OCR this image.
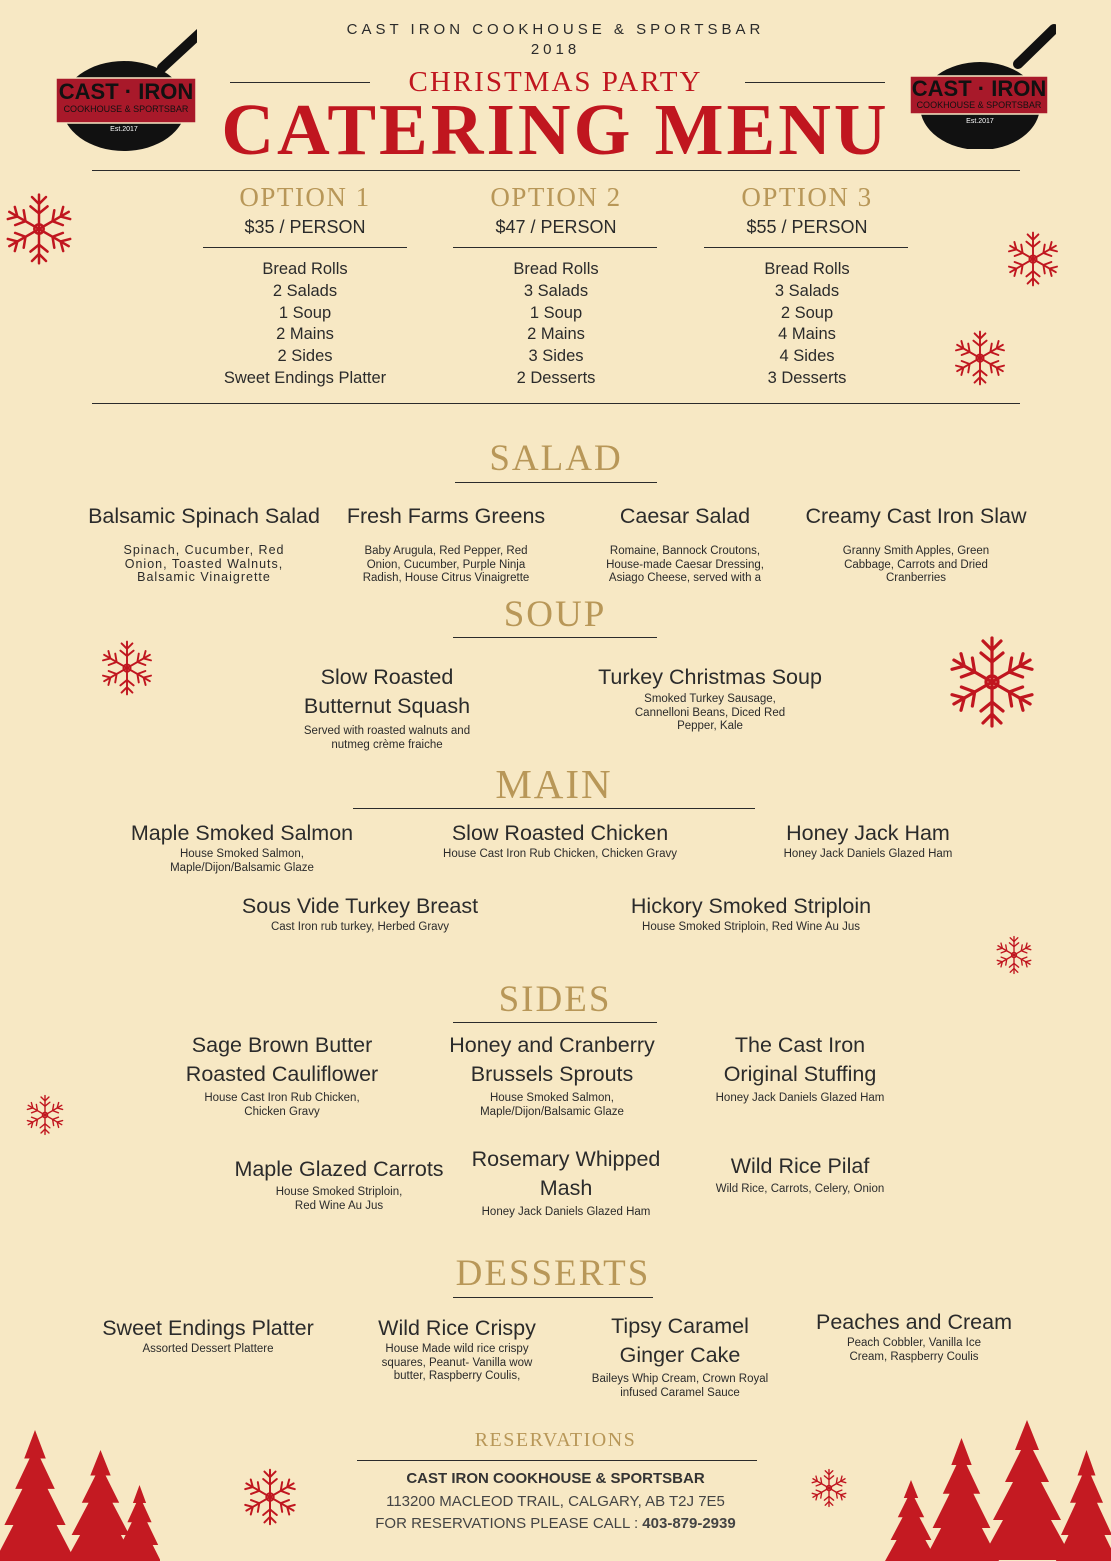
CAST IRON COOKHOUSE & SPORTSBAR
2018
CHRISTMAS PARTY
CATERING MENU
CAST · IRON
COOKHOUSE & SPORTSBAR
Est.2017
CAST · IRON
COOKHOUSE & SPORTSBAR
Est.2017
OPTION 1
$35 / PERSON
OPTION 2
$47 / PERSON
OPTION 3
$55 / PERSON
Bread Rolls
2 Salads
1 Soup
2 Mains
2 Sides
Sweet Endings Platter
Bread Rolls
3 Salads
1 Soup
2 Mains
3 Sides
2 Desserts
Bread Rolls
3 Salads
2 Soup
4 Mains
4 Sides
3 Desserts
SALAD
Balsamic Spinach Salad
Spinach, Cucumber, Red Onion, Toasted Walnuts, Balsamic Vinaigrette
Fresh Farms Greens
Baby Arugula, Red Pepper, Red Onion, Cucumber, Purple Ninja Radish, House Citrus Vinaigrette
Caesar Salad
Romaine, Bannock Croutons, House-made Caesar Dressing, Asiago Cheese, served with a
Creamy Cast Iron Slaw
Granny Smith Apples, Green Cabbage, Carrots and Dried Cranberries
SOUP
Slow Roasted Butternut Squash
Served with roasted walnuts and nutmeg crème fraiche
Turkey Christmas Soup
Smoked Turkey Sausage, Cannelloni Beans, Diced Red Pepper, Kale
MAIN
Maple Smoked Salmon
House Smoked Salmon, Maple/Dijon/Balsamic Glaze
Slow Roasted Chicken
House Cast Iron Rub Chicken, Chicken Gravy
Honey Jack Ham
Honey Jack Daniels Glazed Ham
Sous Vide Turkey Breast
Cast Iron rub turkey, Herbed Gravy
Hickory Smoked Striploin
House Smoked Striploin, Red Wine Au Jus
SIDES
Sage Brown Butter Roasted Cauliflower
House Cast Iron Rub Chicken, Chicken Gravy
Honey and Cranberry Brussels Sprouts
House Smoked Salmon, Maple/Dijon/Balsamic Glaze
The Cast Iron Original Stuffing
Honey Jack Daniels Glazed Ham
Maple Glazed Carrots
House Smoked Striploin, Red Wine Au Jus
Rosemary Whipped Mash
Honey Jack Daniels Glazed Ham
Wild Rice Pilaf
Wild Rice, Carrots, Celery, Onion
DESSERTS
Sweet Endings Platter
Assorted Dessert Plattere
Wild Rice Crispy
House Made wild rice crispy squares, Peanut- Vanilla wow butter, Raspberry Coulis,
Tipsy Caramel Ginger Cake
Baileys Whip Cream, Crown Royal infused Caramel Sauce
Peaches and Cream
Peach Cobbler, Vanilla Ice Cream, Raspberry Coulis
RESERVATIONS
CAST IRON COOKHOUSE & SPORTSBAR
113200 MACLEOD TRAIL, CALGARY, AB T2J 7E5
FOR RESERVATIONS PLEASE CALL : 403-879-2939
